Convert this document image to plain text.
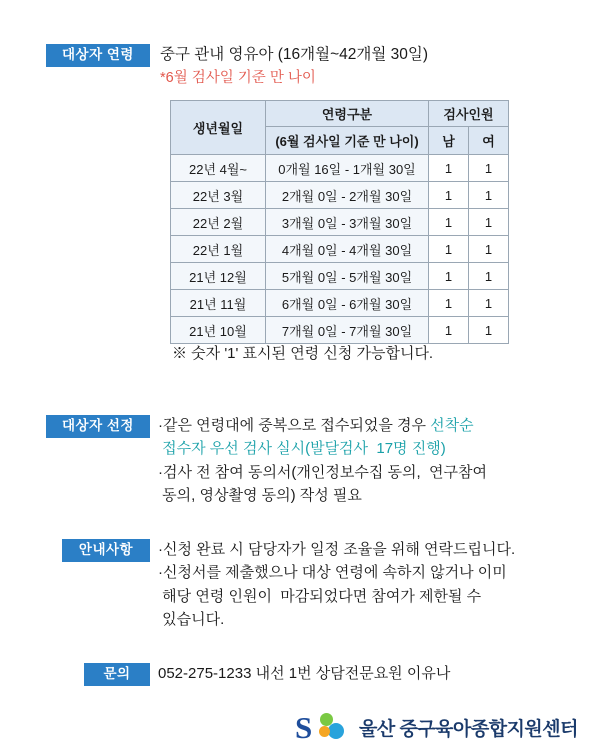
대상자 연령	중구 관내 영유아 (16개월~42개월 30일)
*6월 검사일 기준 만 나이
생년월일	연령구분	검사인원	
	(6월 검사일 기준 만 나이)	남	여
22년 4월~	0개월 16일 - 1개월 30일	1	1
22년 3월	2개월 0일 - 2개월 30일	1	1
22년 2월	3개월 0일 - 3개월 30일	1	1
22년 1월	4개월 0일 - 4개월 30일	1	1
21년 12월	5개월 0일 - 5개월 30일	1	1
21년 11월	6개월 0일 - 6개월 30일	1	1
21년 10월	7개월 0일 - 7개월 30일	1	1
※ 숫자 '1' 표시된 연령 신청 가능합니다.
대상자 선정	·같은 연령대에 중복으로 접수되었을 경우 선착순
접수자 우선 검사 실시(발달검사  17명 진행)
·검사 전 참여 동의서(개인정보수집 동의,  연구참여
동의, 영상촬영 동의) 작성 필요
안내사항	·신청 완료 시 담당자가 일정 조율을 위해 연락드립니다.
·신청서를 제출했으나 대상 연령에 속하지 않거나 이미
해당 연령 인원이  마감되었다면 참여가 제한될 수
있습니다.
문의	052-275-1233 내선 1번 상담전문요원 이유나
S	울산 중구육아종합지원센터
